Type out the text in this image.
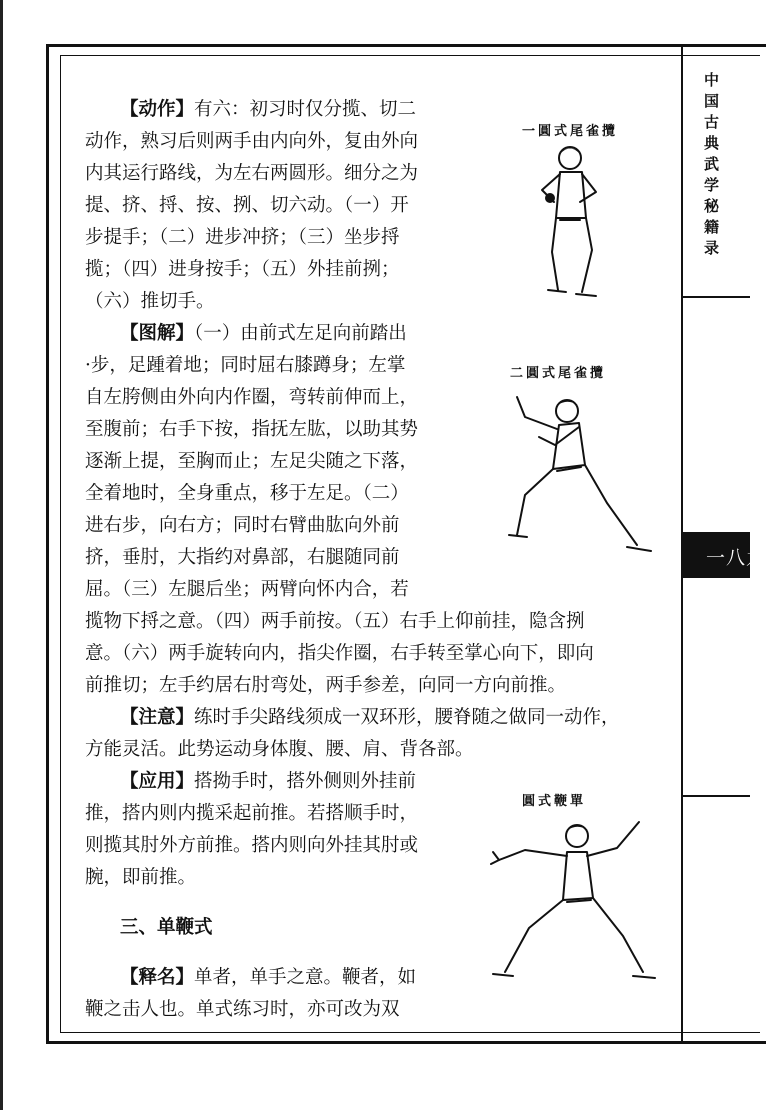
中国古典武学秘籍录
一八九
【动作】有六：初习时仅分揽、切二
动作，熟习后则两手由内向外，复由外向
内其运行路线，为左右两圆形。细分之为
提、挤、捋、按、挒、切六动。（一）开
步提手；（二）进步冲挤；（三）坐步捋
揽；（四）进身按手；（五）外挂前挒；
（六）推切手。
【图解】（一）由前式左足向前踏出
·步，足踵着地；同时屈右膝蹲身；左掌
自左胯侧由外向内作圈，弯转前伸而上，
至腹前；右手下按，指抚左肱，以助其势
逐渐上提，至胸而止；左足尖随之下落，
全着地时，全身重点，移于左足。（二）
进右步，向右方；同时右臂曲肱向外前
挤，垂肘，大指约对鼻部，右腿随同前
屈。（三）左腿后坐；两臂向怀内合，若
揽物下捋之意。（四）两手前按。（五）右手上仰前挂，隐含挒
意。（六）两手旋转向内，指尖作圈，右手转至掌心向下，即向
前推切；左手约居右肘弯处，两手参差，向同一方向前推。
【注意】练时手尖路线须成一双环形，腰脊随之做同一动作，
方能灵活。此势运动身体腹、腰、肩、背各部。
【应用】搭拗手时，搭外侧则外挂前
推，搭内则内揽采起前推。若搭顺手时，
则揽其肘外方前推。搭内则向外挂其肘或
腕，即前推。
三、单鞭式
【释名】单者，单手之意。鞭者，如
鞭之击人也。单式练习时，亦可改为双
一圓式尾雀攬
二圓式尾雀攬
圓式鞭單
